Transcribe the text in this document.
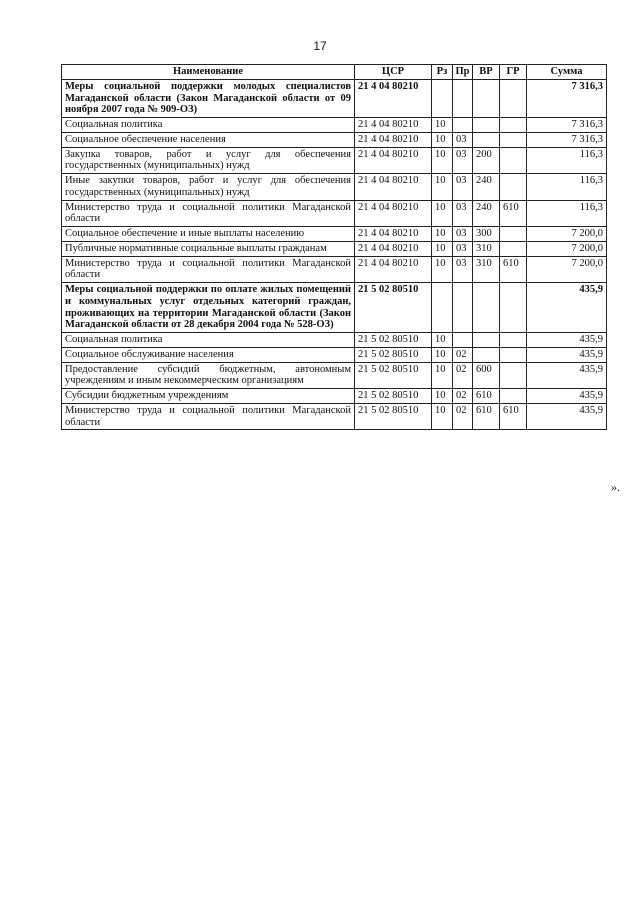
17
Наименование	ЦСР	Рз	Пр	ВР	ГР	Сумма
Меры социальной поддержки молодых специалистов Магаданской области (Закон Магаданской области от 09 ноября 2007 года № 909-ОЗ)	21 4 04 80210					7 316,3
Социальная политика	21 4 04 80210	10				7 316,3
Социальное обеспечение населения	21 4 04 80210	10	03			7 316,3
Закупка товаров, работ и услуг для обеспечения государственных (муниципальных) нужд	21 4 04 80210	10	03	200		116,3
Иные закупки товаров, работ и услуг для обеспечения государственных (муниципальных) нужд	21 4 04 80210	10	03	240		116,3
Министерство труда и социальной политики Магаданской области	21 4 04 80210	10	03	240	610	116,3
Социальное обеспечение и иные выплаты населению	21 4 04 80210	10	03	300		7 200,0
Публичные нормативные социальные выплаты гражданам	21 4 04 80210	10	03	310		7 200,0
Министерство труда и социальной политики Магаданской области	21 4 04 80210	10	03	310	610	7 200,0
Меры социальной поддержки по оплате жилых помещений и коммунальных услуг отдельных категорий граждан, проживающих на территории Магаданской области (Закон Магаданской области от 28 декабря 2004 года № 528-ОЗ)	21 5 02 80510					435,9
Социальная политика	21 5 02 80510	10				435,9
Социальное обслуживание населения	21 5 02 80510	10	02			435,9
Предоставление субсидий бюджетным, автономным учреждениям и иным некоммерческим организациям	21 5 02 80510	10	02	600		435,9
Субсидии бюджетным учреждениям	21 5 02 80510	10	02	610		435,9
Министерство труда и социальной политики Магаданской области	21 5 02 80510	10	02	610	610	435,9
».
